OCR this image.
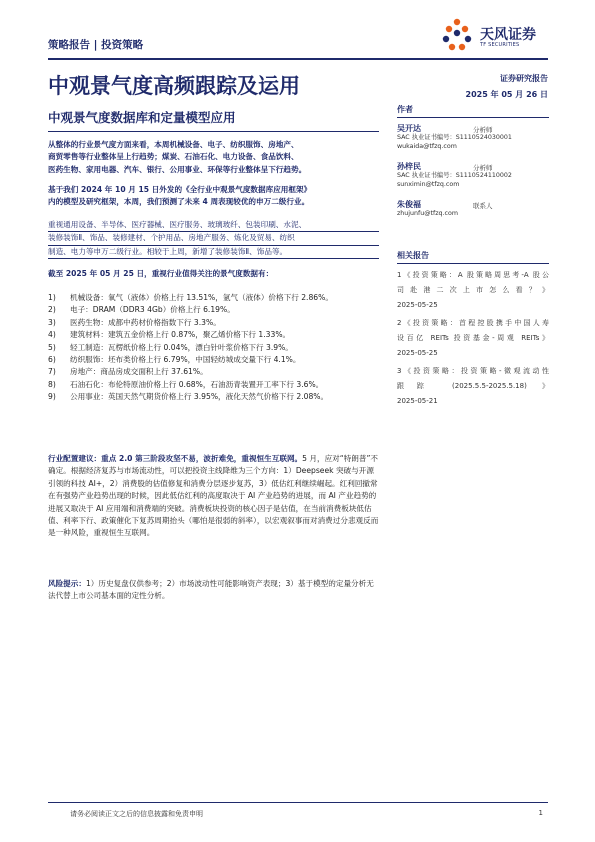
策略报告 | 投资策略
天风证券
TF SECURITIES
中观景气度高频跟踪及运用	证券研究报告
2025 年 05 月 26 日
中观景气度数据库和定量模型应用
从整体的行业景气度方面来看，本周机械设备、电子、纺织服饰、房地产、
商贸零售等行业整体呈上行趋势；煤炭、石油石化、电力设备、食品饮料、
医药生物、家用电器、汽车、银行、公用事业、环保等行业整体呈下行趋势。
基于我们 2024 年 10 月 15 日外发的《全行业中观景气度数据库应用框架》
内的模型及研究框架，本周，我们预测了未来 4 周表现较优的申万二级行业。
重视通用设备、半导体、医疗器械、医疗服务、玻璃玻纤、包装印刷、水泥、
装修装饰Ⅱ、饰品、装修建材、个护用品、房地产服务、炼化及贸易、纺织
制造、电力等申万二级行业。相较于上周，新增了装修装饰Ⅱ、饰品等。
截至 2025 年 05 月 25 日，重视行业值得关注的景气度数据有：
1)	机械设备：氧气（液体）价格上行 13.51%，氩气（液体）价格下行 2.86%。
2)	电子：DRAM（DDR3 4Gb）价格上行 6.19%。
3)	医药生物：成都中药材价格指数下行 3.3%。
4)	建筑材料：建筑五金价格上行 0.87%，聚乙烯价格下行 1.33%。
5)	轻工制造：瓦楞纸价格上行 0.04%，漂白针叶浆价格下行 3.9%。
6)	纺织服饰：坯布类价格上行 6.79%，中国轻纺城成交量下行 4.1%。
7)	房地产：商品房成交面积上行 37.61%。
8)	石油石化：布伦特原油价格上行 0.68%，石油沥青装置开工率下行 3.6%。
9)	公用事业：英国天然气期货价格上行 3.95%，液化天然气价格下行 2.08%。

行业配置建议：重点 2.0 第三阶段攻坚不易，波折难免，重视恒生互联网。5 月，应对“特朗普”不确定。根据经济复苏与市场流动性，可以把投资主线降维为三个方向：1）Deepseek 突破与开源引领的科技 AI+，2）消费股的估值修复和消费分层逐步复苏，3）低估红利继续崛起。红利回撤常在有强势产业趋势出现的时候，因此低估红利的高度取决于 AI 产业趋势的进展，而 AI 产业趋势的进展又取决于 AI 应用端和消费端的突破。消费板块投资的核心因子是估值，在当前消费板块低估值、利率下行、政策催化下复苏周期抬头（哪怕是很弱的斜率），以宏观叙事而对消费过分悲观反而是一种风险，重视恒生互联网。

风险提示：1）历史复盘仅供参考；2）市场波动性可能影响资产表现；3）基于模型的定量分析无法代替上市公司基本面的定性分析。

作者
吴开达	分析师
SAC 执业证书编号：S1110524030001
wukaida@tfzq.com
孙梓民	分析师
SAC 执业证书编号：S1110524110002
sunximin@tfzq.com
朱俊福	联系人
zhujunfu@tfzq.com
相关报告
1《投资策略：A 股策略周思考-A 股公
司赴港二次上市怎么看？》
2025-05-25
2《投资策略：首程控股携手中国人寿
设百亿 REITs 投资基金-周观 REITs》
2025-05-25
3《投资策略：投资策略-微观流动性
跟踪 (2025.5.5-2025.5.18) 》
2025-05-21
请务必阅读正文之后的信息披露和免责申明	1
